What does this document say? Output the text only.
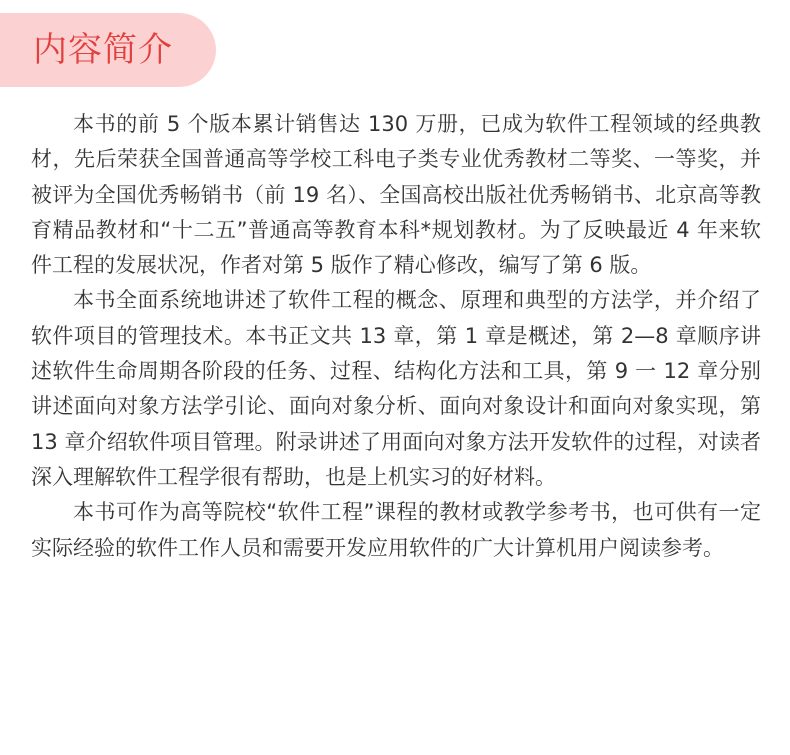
内容简介

本书的前 5 个版本累计销售达 130 万册，已成为软件工程领域的经典教材，先后荣获全国普通高等学校工科电子类专业优秀教材二等奖、一等奖，并被评为全国优秀畅销书（前 19 名）、全国高校出版社优秀畅销书、北京高等教育精品教材和“十二五”普通高等教育本科*规划教材。为了反映最近 4 年来软件工程的发展状况，作者对第 5 版作了精心修改，编写了第 6 版。

本书全面系统地讲述了软件工程的概念、原理和典型的方法学，并介绍了软件项目的管理技术。本书正文共 13 章，第 1 章是概述，第 2—8 章顺序讲述软件生命周期各阶段的任务、过程、结构化方法和工具，第 9 一 12 章分别讲述面向对象方法学引论、面向对象分析、面向对象设计和面向对象实现，第 13 章介绍软件项目管理。附录讲述了用面向对象方法开发软件的过程，对读者深入理解软件工程学很有帮助，也是上机实习的好材料。

本书可作为高等院校“软件工程”课程的教材或教学参考书，也可供有一定实际经验的软件工作人员和需要开发应用软件的广大计算机用户阅读参考。
